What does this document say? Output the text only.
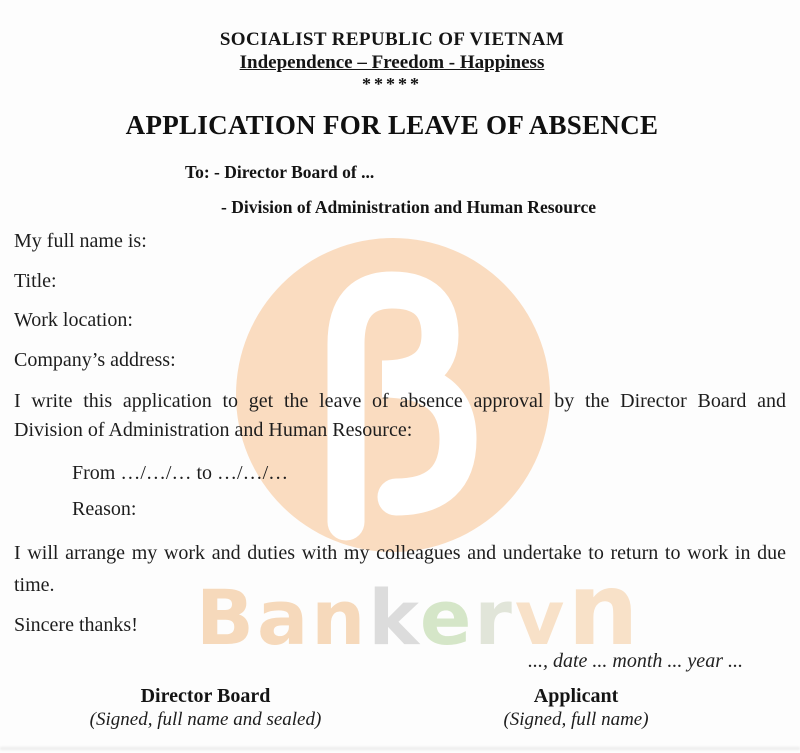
Bankervn
SOCIALIST REPUBLIC OF VIETNAM
Independence – Freedom - Happiness
*****
APPLICATION FOR LEAVE OF ABSENCE
To: - Director Board of ...
- Division of Administration and Human Resource
My full name is:
Title:
Work location:
Company’s address:
I write this application to get the leave of absence approval by the Director Board and
Division of Administration and Human Resource:
From …/…/… to …/…/…
Reason:
I will arrange my work and duties with my colleagues and undertake to return to work in due
time.
Sincere thanks!
..., date ... month ... year ...
Director Board
(Signed, full name and sealed)
Applicant
(Signed, full name)
